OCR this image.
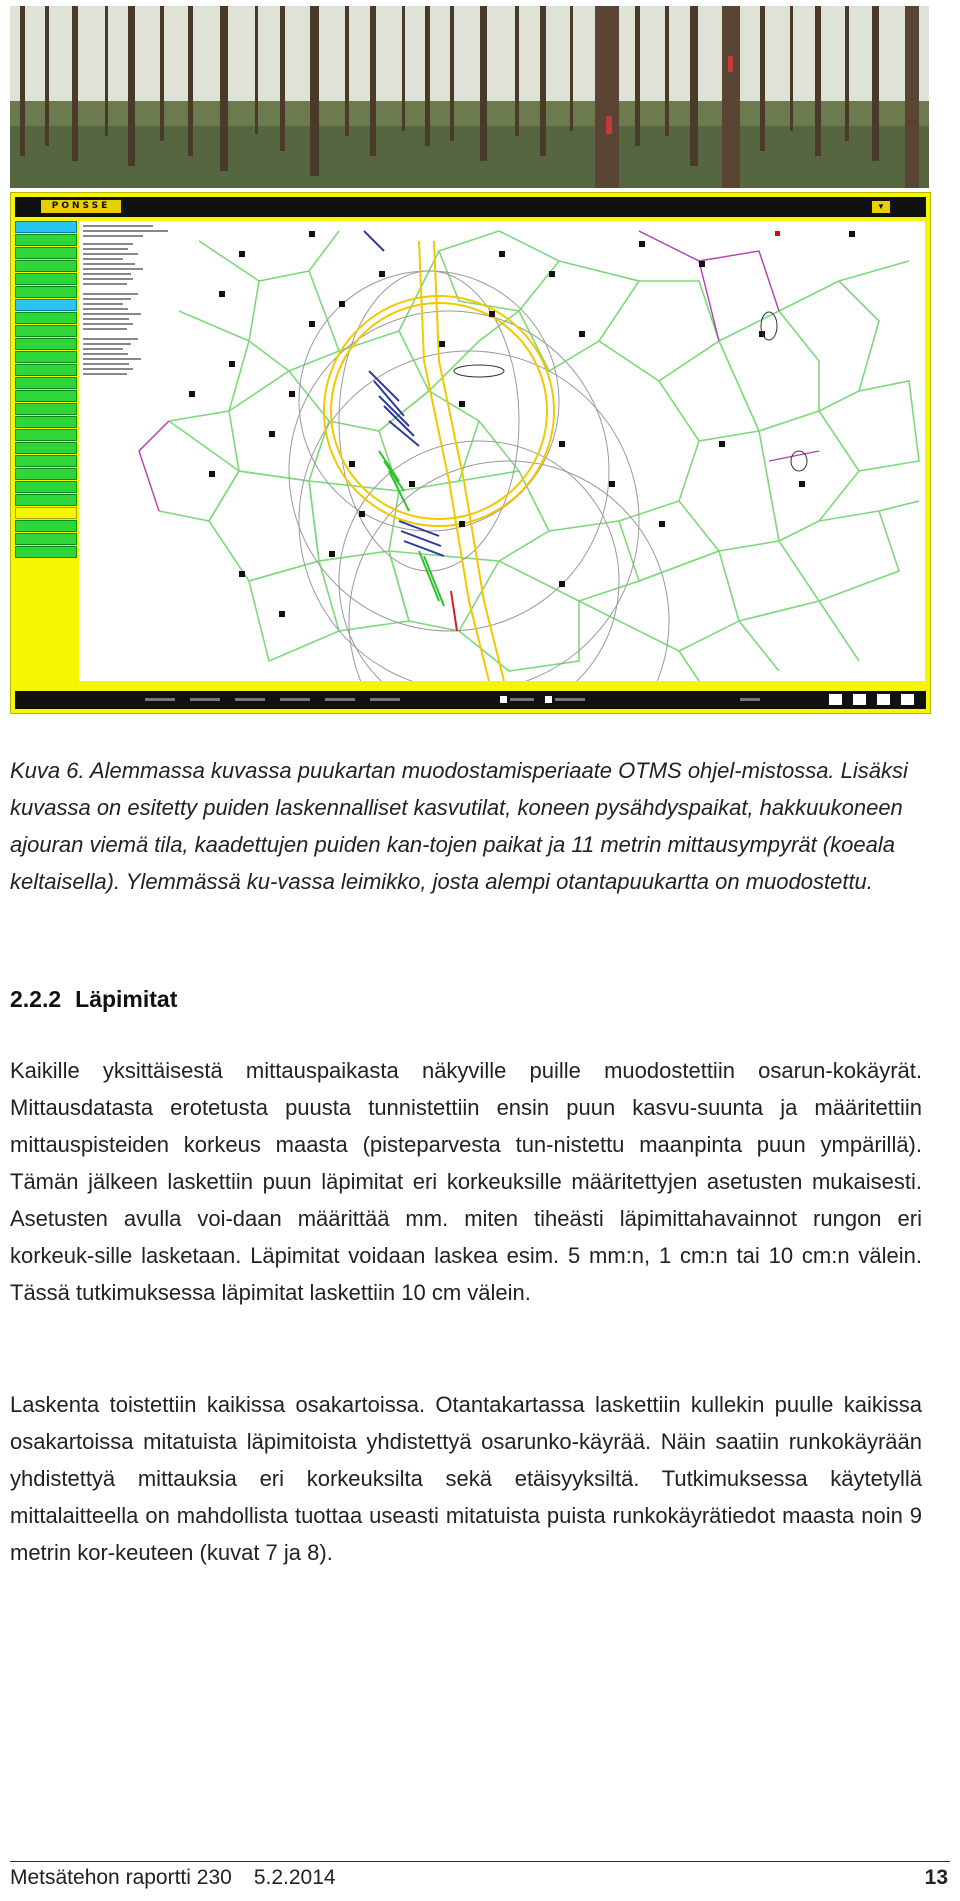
PONSSE	▼
Kuva 6. Alemmassa kuvassa puukartan muodostamisperiaate OTMS ohjel-mistossa. Lisäksi kuvassa on esitetty puiden laskennalliset kasvutilat, koneen pysähdyspaikat, hakkuukoneen ajouran viemä tila, kaadettujen puiden kan-tojen paikat ja 11 metrin mittausympyrät (koeala keltaisella). Ylemmässä ku-vassa leimikko, josta alempi otantapuukartta on muodostettu.
2.2.2 Läpimitat
Kaikille yksittäisestä mittauspaikasta näkyville puille muodostettiin osarun-kokäyrät. Mittausdatasta erotetusta puusta tunnistettiin ensin puun kasvu-suunta ja määritettiin mittauspisteiden korkeus maasta (pisteparvesta tun-nistettu maanpinta puun ympärillä). Tämän jälkeen laskettiin puun läpimitat eri korkeuksille määritettyjen asetusten mukaisesti. Asetusten avulla voi-daan määrittää mm. miten tiheästi läpimittahavainnot rungon eri korkeuk-sille lasketaan. Läpimitat voidaan laskea esim. 5 mm:n, 1 cm:n tai 10 cm:n välein. Tässä tutkimuksessa läpimitat laskettiin 10 cm välein.
Laskenta toistettiin kaikissa osakartoissa. Otantakartassa laskettiin kullekin puulle kaikissa osakartoissa mitatuista läpimitoista yhdistettyä osarunko-käyrää. Näin saatiin runkokäyrään yhdistettyä mittauksia eri korkeuksilta sekä etäisyyksiltä. Tutkimuksessa käytetyllä mittalaitteella on mahdollista tuottaa useasti mitatuista puista runkokäyrätiedot maasta noin 9 metrin kor-keuteen (kuvat 7 ja 8).
Metsätehon raportti 230 5.2.2014	13
